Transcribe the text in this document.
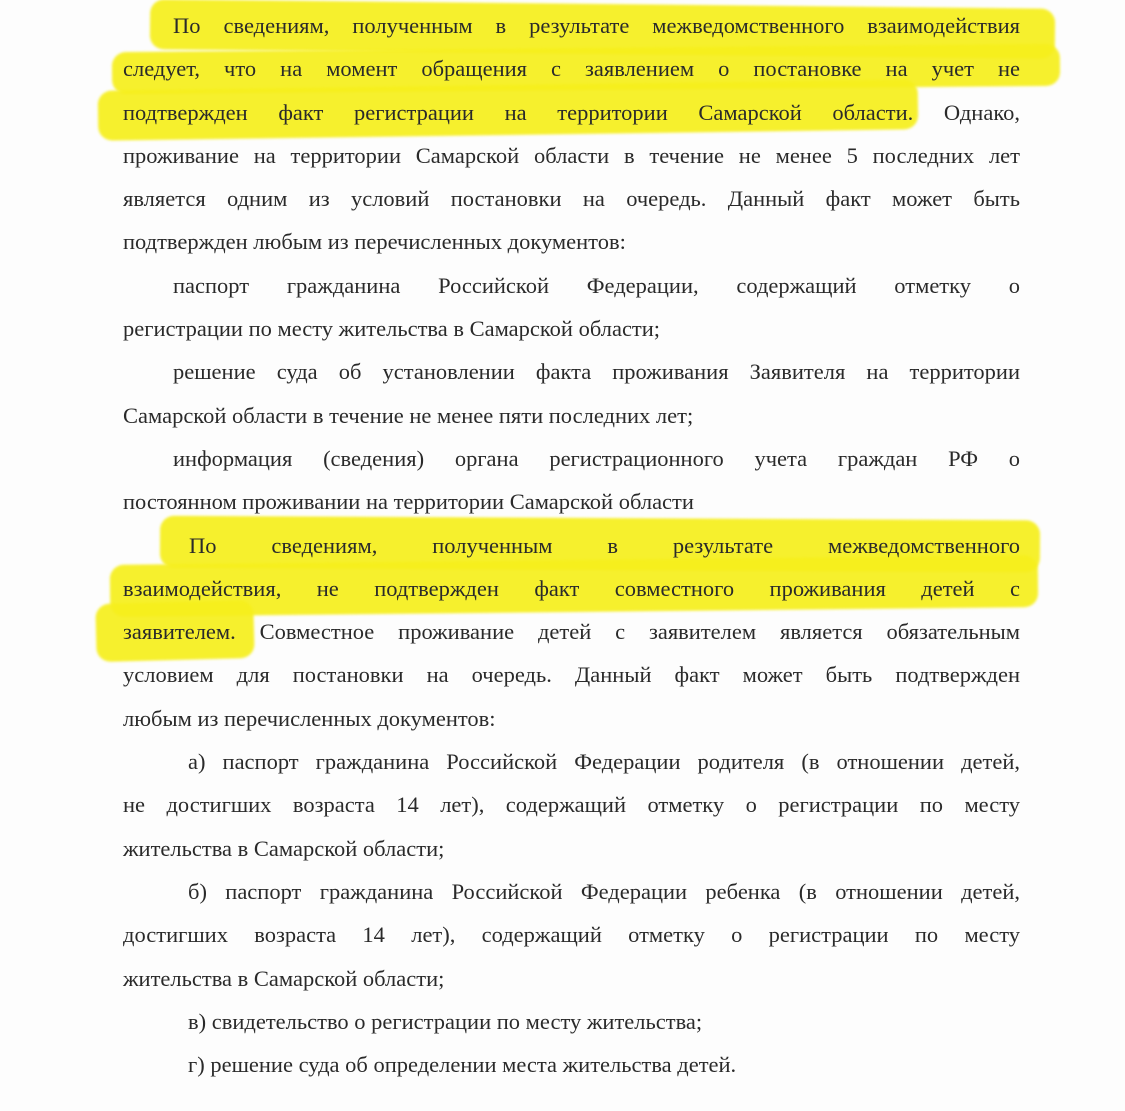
По сведениям, полученным в результате межведомственного взаимодействия
следует, что на момент обращения с заявлением о постановке на учет не
подтвержден факт регистрации на территории Самарской области. Однако,
проживание на территории Самарской области в течение не менее 5 последних лет
является одним из условий постановки на очередь. Данный факт может быть
подтвержден любым из перечисленных документов:
паспорт гражданина Российской Федерации, содержащий отметку о
регистрации по месту жительства в Самарской области;
решение суда об установлении факта проживания Заявителя на территории
Самарской области в течение не менее пяти последних лет;
информация (сведения) органа регистрационного учета граждан РФ о
постоянном проживании на территории Самарской области
По сведениям, полученным в результате межведомственного
взаимодействия, не подтвержден факт совместного проживания детей с
заявителем. Совместное проживание детей с заявителем является обязательным
условием для постановки на очередь. Данный факт может быть подтвержден
любым из перечисленных документов:
а) паспорт гражданина Российской Федерации родителя (в отношении детей,
не достигших возраста 14 лет), содержащий отметку о регистрации по месту
жительства в Самарской области;
б) паспорт гражданина Российской Федерации ребенка (в отношении детей,
достигших возраста 14 лет), содержащий отметку о регистрации по месту
жительства в Самарской области;
в) свидетельство о регистрации по месту жительства;
г) решение суда об определении места жительства детей.
